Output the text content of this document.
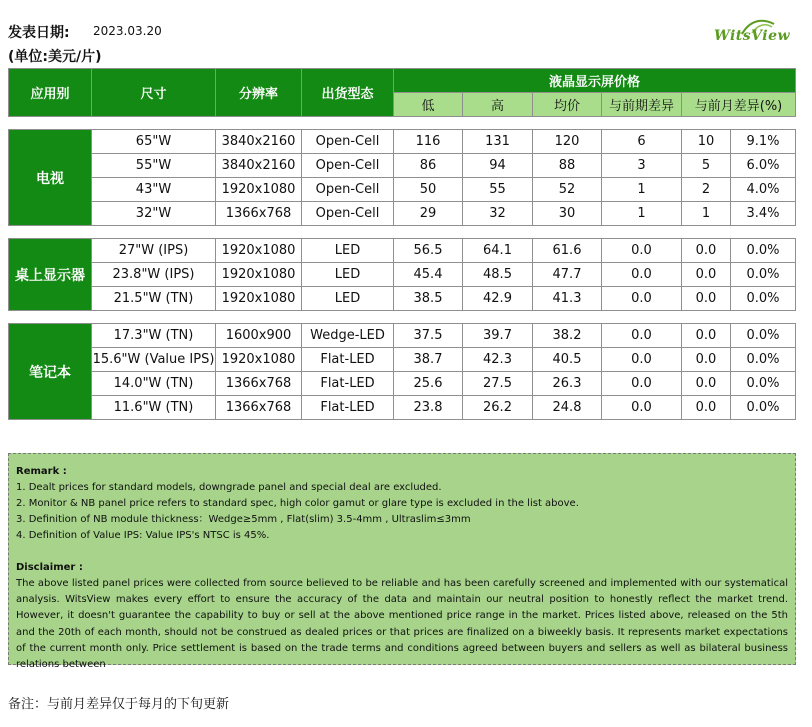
发表日期: 2023.03.20
(单位:美元/片)
WitsView
应用别	尺寸	分辨率	出货型态	液晶显示屏价格					
				低	高	均价	与前期差异	与前月差异(%)	

电视	65"W	3840x2160	Open-Cell	116	131	120	6	10	9.1%
	55"W	3840x2160	Open-Cell	86	94	88	3	5	6.0%
	43"W	1920x1080	Open-Cell	50	55	52	1	2	4.0%
	32"W	1366x768	Open-Cell	29	32	30	1	1	3.4%

桌上显示器	27"W (IPS)	1920x1080	LED	56.5	64.1	61.6	0.0	0.0	0.0%
	23.8"W (IPS)	1920x1080	LED	45.4	48.5	47.7	0.0	0.0	0.0%
	21.5"W (TN)	1920x1080	LED	38.5	42.9	41.3	0.0	0.0	0.0%

笔记本	17.3"W (TN)	1600x900	Wedge-LED	37.5	39.7	38.2	0.0	0.0	0.0%
	15.6"W (Value IPS)	1920x1080	Flat-LED	38.7	42.3	40.5	0.0	0.0	0.0%
	14.0"W (TN)	1366x768	Flat-LED	25.6	27.5	26.3	0.0	0.0	0.0%
	11.6"W (TN)	1366x768	Flat-LED	23.8	26.2	24.8	0.0	0.0	0.0%
Remark :
1. Dealt prices for standard models, downgrade panel and special deal are excluded.
2. Monitor & NB panel price refers to standard spec, high color gamut or glare type is excluded in the list above.
3. Definition of NB module thickness：Wedge≥5mm , Flat(slim) 3.5-4mm , Ultraslim≤3mm
4. Definition of Value IPS: Value IPS's NTSC is 45%.
Disclaimer :
The above listed panel prices were collected from source believed to be reliable and has been carefully screened and implemented with our systematical analysis. WitsView makes every effort to ensure the accuracy of the data and maintain our neutral position to honestly reflect the market trend. However, it doesn't guarantee the capability to buy or sell at the above mentioned price range in the market. Prices listed above, released on the 5th and the 20th of each month, should not be construed as dealed prices or that prices are finalized on a biweekly basis. It represents market expectations of the current month only. Price settlement is based on the trade terms and conditions agreed between buyers and sellers as well as bilateral business relations between
备注：与前月差异仅于每月的下旬更新
